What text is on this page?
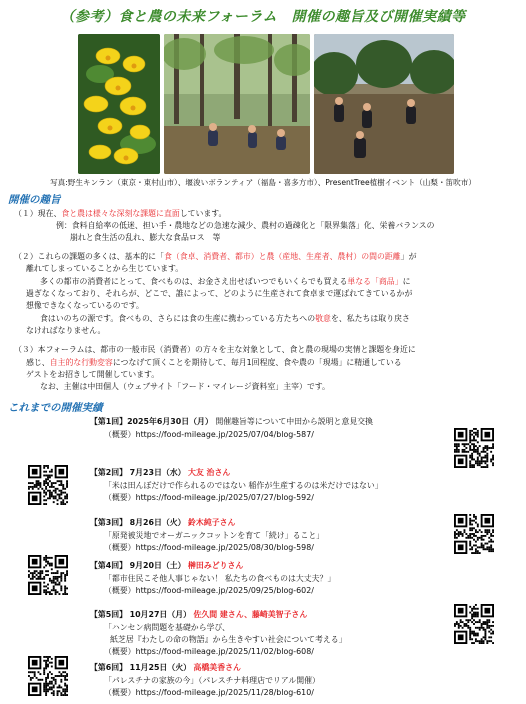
（参考）食と農の未来フォーラム　開催の趣旨及び開催実績等
写真:野生キンラン（東京・東村山市）、堰浚いボランティア（福島・喜多方市）、PresentTree植樹イベント（山梨・笛吹市）
開催の趣旨
（１）現在、食と農は様々な深刻な課題に直面しています。
例：食料自給率の低迷、担い手・農地などの急速な減少、農村の過疎化と「限界集落」化、栄養バランスの
崩れと食生活の乱れ、膨大な食品ロス　等
（２）これらの課題の多くは、基本的に「食（食卓、消費者、都市）と農（産地、生産者、農村）の間の距離」が
離れてしまっていることから生じています。
多くの都市の消費者にとって、食べものは、お金さえ出せばいつでもいくらでも買える単なる「商品」に
過ぎなくなっており、それらが、どこで、誰によって、どのように生産されて食卓まで運ばれてきているかが
想像できなくなっているのです。
食はいのちの源です。食べもの、さらには食の生産に携わっている方たちへの敬意を、私たちは取り戻さ
なければなりません。
（３）本フォーラムは、都市の一般市民（消費者）の方々を主な対象として、食と農の現場の実情と課題を身近に
感じ、自主的な行動変容につなげて頂くことを期待して、毎月1回程度、食や農の「現場」に精通している
ゲストをお招きして開催しています。
なお、主催は中田個人（ウェブサイト「フード・マイレージ資料室」主宰）です。
これまでの開催実績
【第1回】2025年6月30日（月） 開催趣旨等について中田から説明と意見交換
（概要）https://food-mileage.jp/2025/07/04/blog-587/
【第2回】 7月23日（水） 大友 治さん
「米は田んぼだけで作られるのではない 稲作が生産するのは米だけではない」
（概要）https://food-mileage.jp/2025/07/27/blog-592/
【第3回】 8月26日（火） 鈴木純子さん
「原発被災地でオーガニックコットンを育て「続け」ること」
（概要）https://food-mileage.jp/2025/08/30/blog-598/
【第4回】 9月20日（土） 榊田みどりさん
「都市住民こそ他人事じゃない！ 私たちの食べものは大丈夫？」
（概要）https://food-mileage.jp/2025/09/25/blog-602/
【第5回】 10月27日（月） 佐久間 建さん、藤崎美智子さん
「ハンセン病問題を基礎から学び、
紙芝居『わたしの命の物語』から生きやすい社会について考える」
（概要）https://food-mileage.jp/2025/11/02/blog-608/
【第6回】 11月25日（火） 高橋美香さん
「パレスチナの家族の今」（パレスチナ料理店でリアル開催）
（概要）https://food-mileage.jp/2025/11/28/blog-610/
